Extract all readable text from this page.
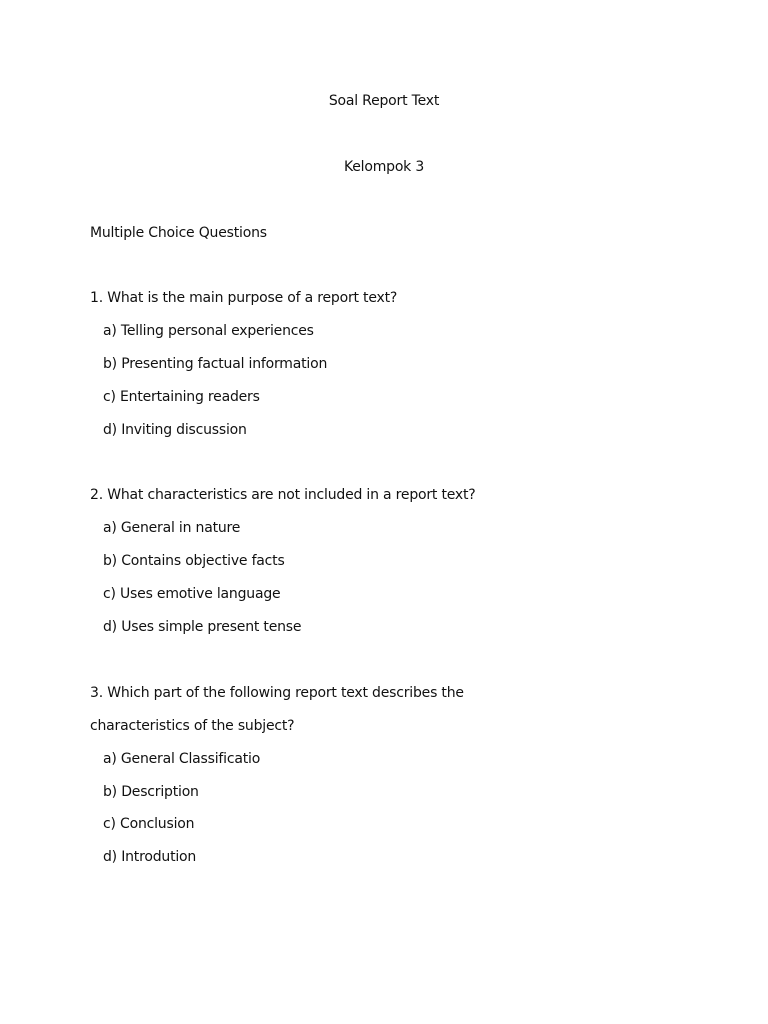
Soal Report Text
Kelompok 3
Multiple Choice Questions
1. What is the main purpose of a report text?
a) Telling personal experiences
b) Presenting factual information
c) Entertaining readers
d) Inviting discussion
2. What characteristics are not included in a report text?
a) General in nature
b) Contains objective facts
c) Uses emotive language
d) Uses simple present tense
3. Which part of the following report text describes the
characteristics of the subject?
a) General Classificatio
b) Description
c) Conclusion
d) Introdution
